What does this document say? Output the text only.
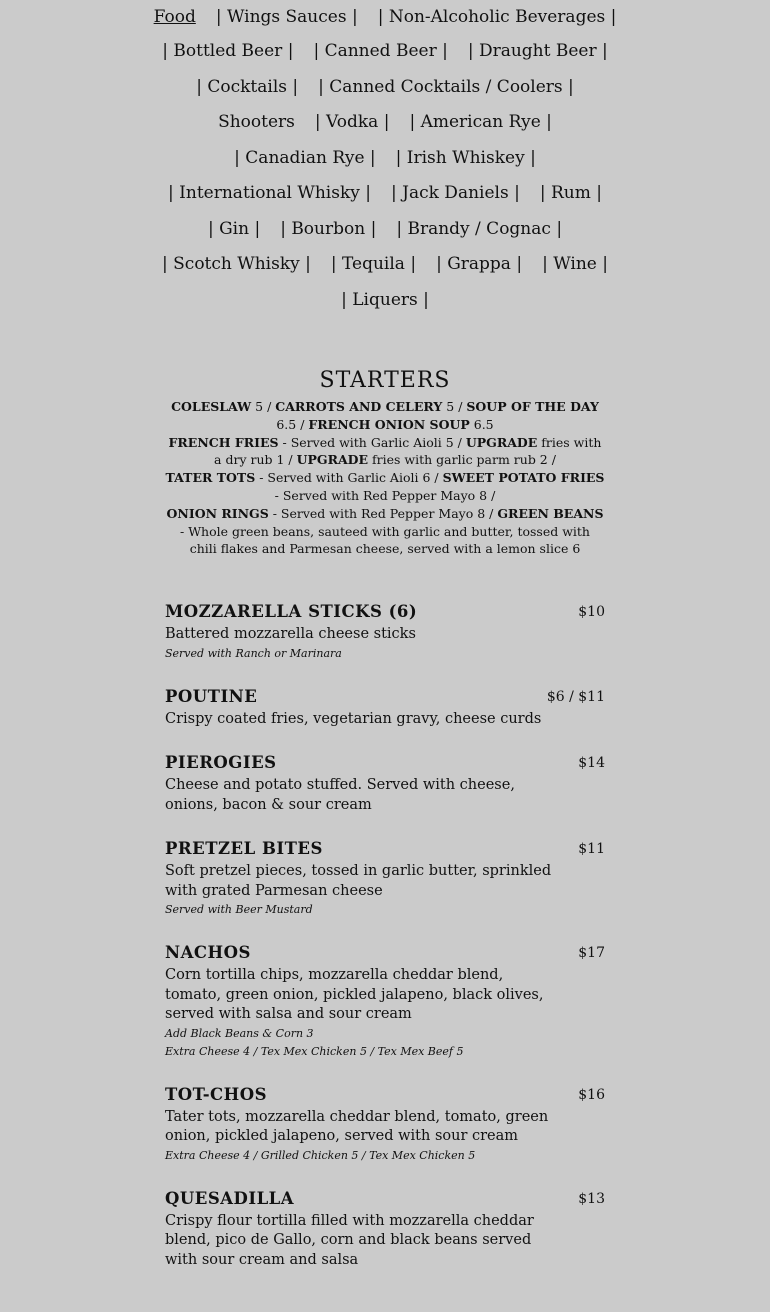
Food | Wings Sauces | | Non-Alcoholic Beverages |
| Bottled Beer | | Canned Beer | | Draught Beer |
| Cocktails | | Canned Cocktails / Coolers |
Shooters | Vodka | | American Rye |
| Canadian Rye | | Irish Whiskey |
| International Whisky | | Jack Daniels | | Rum |
| Gin | | Bourbon | | Brandy / Cognac |
| Scotch Whisky | | Tequila | | Grappa | | Wine |
| Liquers |
STARTERS
COLESLAW 5 / CARROTS AND CELERY 5 / SOUP OF THE DAY 6.5 / FRENCH ONION SOUP 6.5
FRENCH FRIES - Served with Garlic Aioli 5 / UPGRADE fries with a dry rub 1 / UPGRADE fries with garlic parm rub 2 /
TATER TOTS - Served with Garlic Aioli 6 / SWEET POTATO FRIES - Served with Red Pepper Mayo 8 /
ONION RINGS - Served with Red Pepper Mayo 8 / GREEN BEANS - Whole green beans, sauteed with garlic and butter, tossed with chili flakes and Parmesan cheese, served with a lemon slice 6
MOZZARELLA STICKS (6)	$10
Battered mozzarella cheese sticks
Served with Ranch or Marinara
POUTINE	$6 / $11
Crispy coated fries, vegetarian gravy, cheese curds
PIEROGIES	$14
Cheese and potato stuffed. Served with cheese, onions, bacon & sour cream
PRETZEL BITES	$11
Soft pretzel pieces, tossed in garlic butter, sprinkled with grated Parmesan cheese
Served with Beer Mustard
NACHOS	$17
Corn tortilla chips, mozzarella cheddar blend, tomato, green onion, pickled jalapeno, black olives, served with salsa and sour cream
Add Black Beans & Corn 3
Extra Cheese 4 / Tex Mex Chicken 5 / Tex Mex Beef 5
TOT-CHOS	$16
Tater tots, mozzarella cheddar blend, tomato, green onion, pickled jalapeno, served with sour cream
Extra Cheese 4 / Grilled Chicken 5 / Tex Mex Chicken 5
QUESADILLA	$13
Crispy flour tortilla filled with mozzarella cheddar blend, pico de Gallo, corn and black beans served with sour cream and salsa
